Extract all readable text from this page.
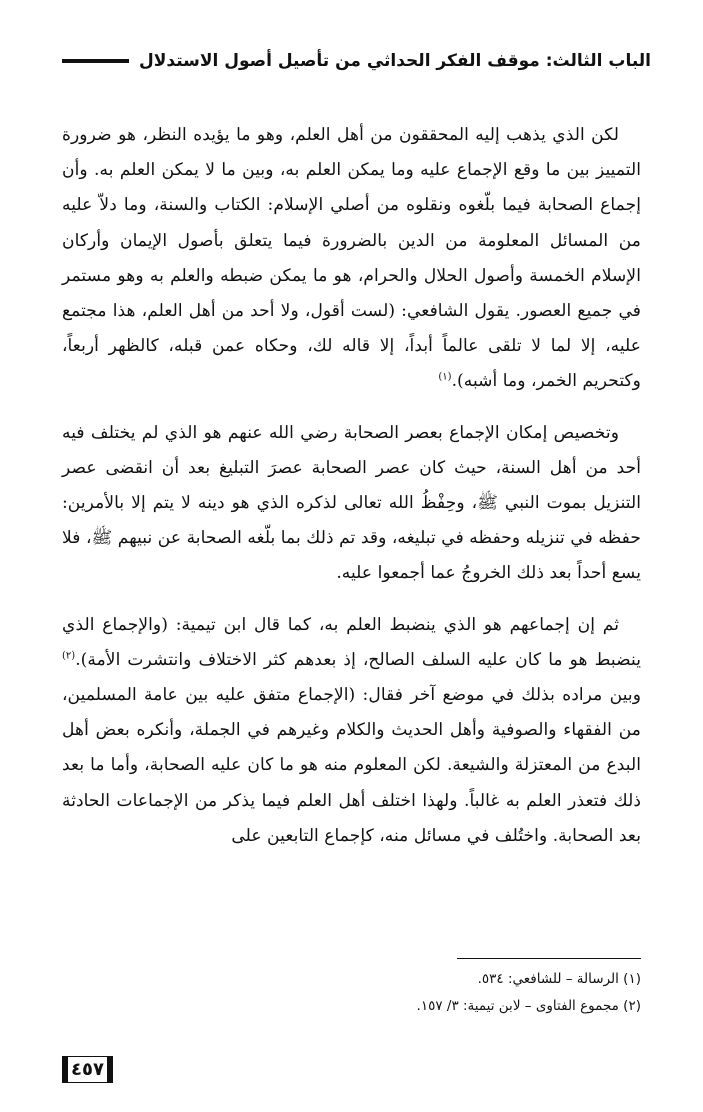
الباب الثالث: موقف الفكر الحداثي من تأصيل أصول الاستدلال

لكن الذي يذهب إليه المحققون من أهل العلم، وهو ما يؤيده النظر، هو ضرورة التمييز بين ما وقع الإجماع عليه وما يمكن العلم به، وبين ما لا يمكن العلم به. وأن إجماع الصحابة فيما بلّغوه ونقلوه من أصلي الإسلام: الكتاب والسنة، وما دلاّ عليه من المسائل المعلومة من الدين بالضرورة فيما يتعلق بأصول الإيمان وأركان الإسلام الخمسة وأصول الحلال والحرام، هو ما يمكن ضبطه والعلم به وهو مستمر في جميع العصور. يقول الشافعي: (لست أقول، ولا أحد من أهل العلم، هذا مجتمع عليه، إلا لما لا تلقى عالماً أبداً، إلا قاله لك، وحكاه عمن قبله، كالظهر أربعاً، وكتحريم الخمر، وما أشبه).$^{(١)}$

وتخصيص إمكان الإجماع بعصر الصحابة رضي الله عنهم هو الذي لم يختلف فيه أحد من أهل السنة، حيث كان عصر الصحابة عصرَ التبليغ بعد أن انقضى عصر التنزيل بموت النبي ﷺ، وحِفْظُ الله تعالى لذكره الذي هو دينه لا يتم إلا بالأمرين: حفظه في تنزيله وحفظه في تبليغه، وقد تم ذلك بما بلّغه الصحابة عن نبيهم ﷺ، فلا يسع أحداً بعد ذلك الخروجُ عما أجمعوا عليه.

ثم إن إجماعهم هو الذي ينضبط العلم به، كما قال ابن تيمية: (والإجماع الذي ينضبط هو ما كان عليه السلف الصالح، إذ بعدهم كثر الاختلاف وانتشرت الأمة).$^{(٢)}$ وبين مراده بذلك في موضع آخر فقال: (الإجماع متفق عليه بين عامة المسلمين، من الفقهاء والصوفية وأهل الحديث والكلام وغيرهم في الجملة، وأنكره بعض أهل البدع من المعتزلة والشيعة. لكن المعلوم منه هو ما كان عليه الصحابة، وأما ما بعد ذلك فتعذر العلم به غالباً. ولهذا اختلف أهل العلم فيما يذكر من الإجماعات الحادثة بعد الصحابة. واختُلف في مسائل منه، كإجماع التابعين على

(١) الرسالة – للشافعي: ٥٣٤.
(٢) مجموع الفتاوى – لابن تيمية: ٣/ ١٥٧.
٤٥٧
